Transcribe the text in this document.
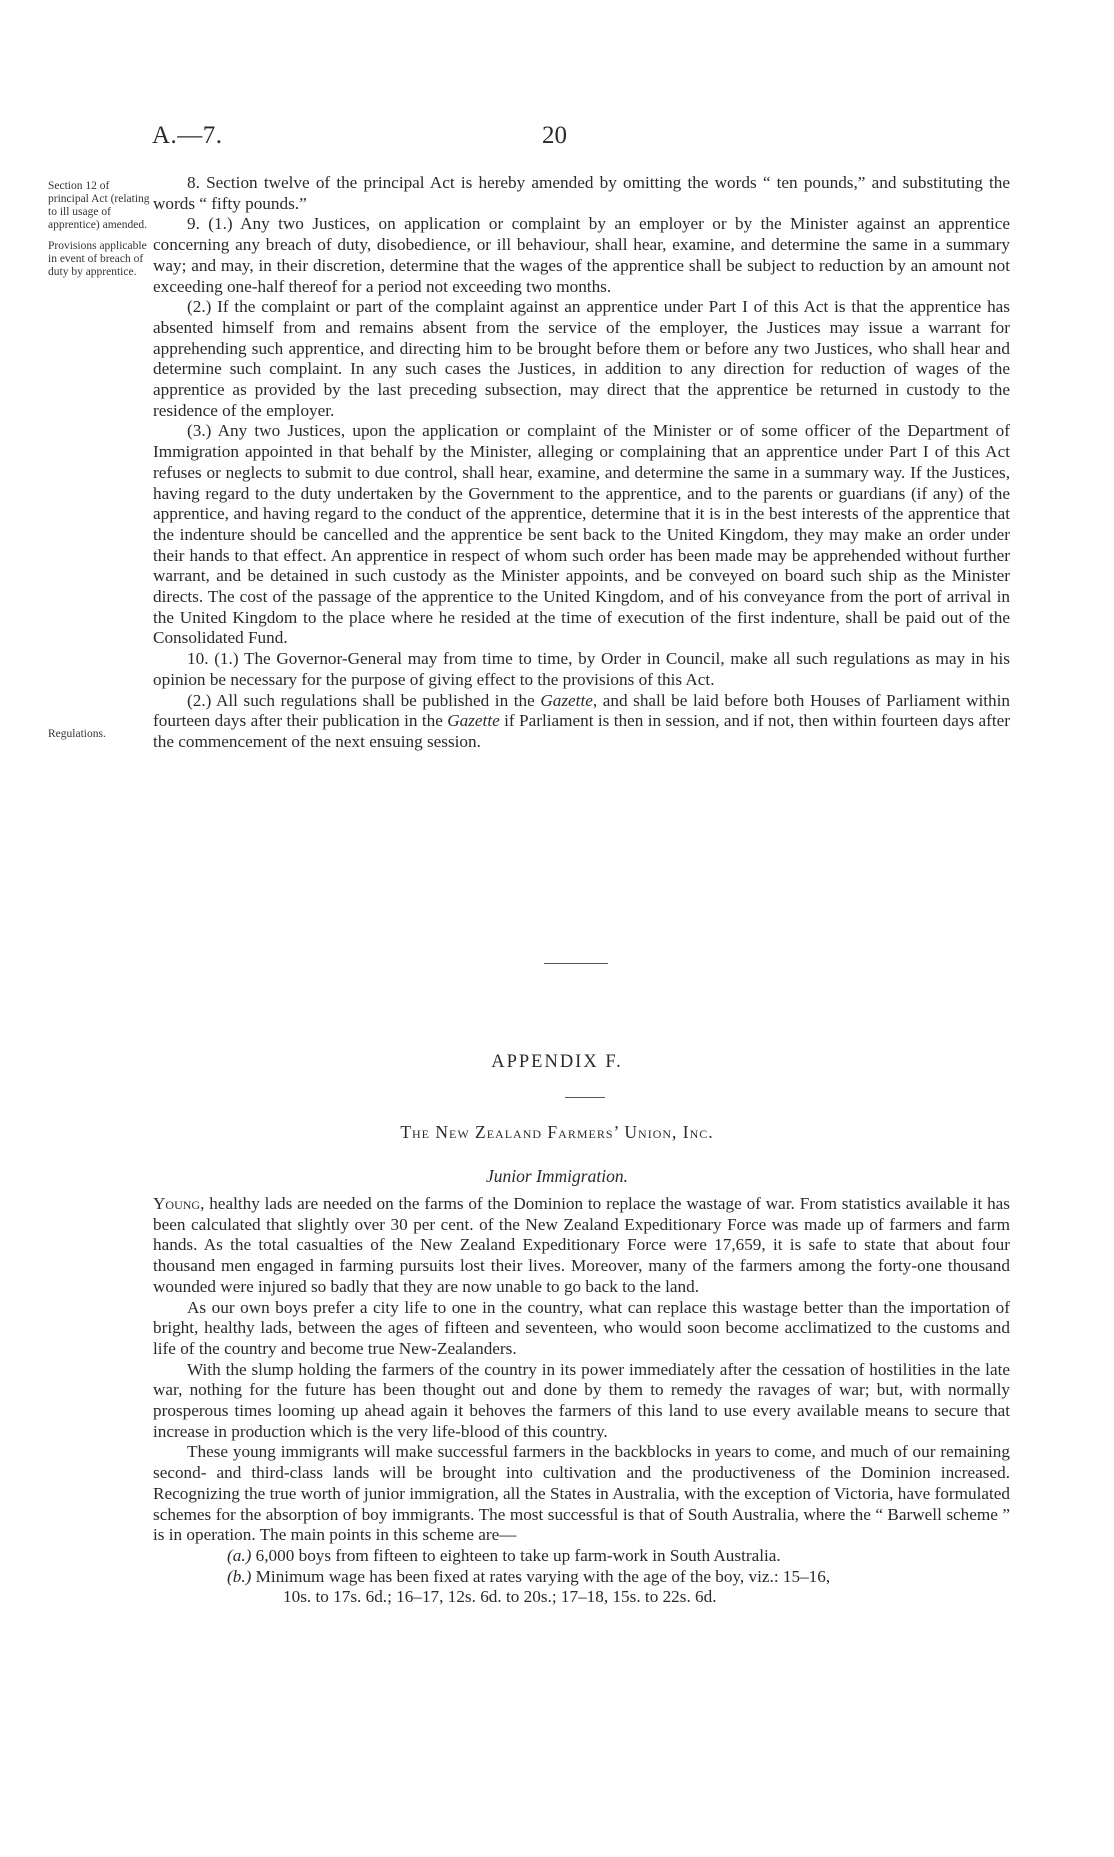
A.—7.	20
Section 12 of principal Act (relating to ill usage of apprentice) amended.
Provisions applicable in event of breach of duty by apprentice.
Regulations.

8. Section twelve of the principal Act is hereby amended by omitting the words “ ten pounds,” and substituting the words “ fifty pounds.”

9. (1.) Any two Justices, on application or complaint by an employer or by the Minister against an apprentice concerning any breach of duty, disobedience, or ill behaviour, shall hear, examine, and determine the same in a summary way; and may, in their discretion, determine that the wages of the apprentice shall be subject to reduction by an amount not exceeding one-half thereof for a period not exceeding two months.

(2.) If the complaint or part of the complaint against an apprentice under Part I of this Act is that the apprentice has absented himself from and remains absent from the service of the employer, the Justices may issue a warrant for apprehending such apprentice, and directing him to be brought before them or before any two Justices, who shall hear and determine such complaint. In any such cases the Justices, in addition to any direction for reduction of wages of the apprentice as provided by the last preceding subsection, may direct that the apprentice be returned in custody to the residence of the employer.

(3.) Any two Justices, upon the application or complaint of the Minister or of some officer of the Department of Immigration appointed in that behalf by the Minister, alleging or complaining that an apprentice under Part I of this Act refuses or neglects to submit to due control, shall hear, examine, and determine the same in a summary way. If the Justices, having regard to the duty undertaken by the Government to the apprentice, and to the parents or guardians (if any) of the apprentice, and having regard to the conduct of the apprentice, determine that it is in the best interests of the apprentice that the indenture should be cancelled and the apprentice be sent back to the United Kingdom, they may make an order under their hands to that effect. An apprentice in respect of whom such order has been made may be apprehended without further warrant, and be detained in such custody as the Minister appoints, and be conveyed on board such ship as the Minister directs. The cost of the passage of the apprentice to the United Kingdom, and of his conveyance from the port of arrival in the United Kingdom to the place where he resided at the time of execution of the first indenture, shall be paid out of the Consolidated Fund.

10. (1.) The Governor-General may from time to time, by Order in Council, make all such regulations as may in his opinion be necessary for the purpose of giving effect to the provisions of this Act.

(2.) All such regulations shall be published in the Gazette, and shall be laid before both Houses of Parliament within fourteen days after their publication in the Gazette if Parliament is then in session, and if not, then within fourteen days after the commencement of the next ensuing session.

APPENDIX F.
The New Zealand Farmers’ Union, Inc.
Junior Immigration.

Young, healthy lads are needed on the farms of the Dominion to replace the wastage of war. From statistics available it has been calculated that slightly over 30 per cent. of the New Zealand Expeditionary Force was made up of farmers and farm hands. As the total casualties of the New Zealand Expeditionary Force were 17,659, it is safe to state that about four thousand men engaged in farming pursuits lost their lives. Moreover, many of the farmers among the forty-one thousand wounded were injured so badly that they are now unable to go back to the land.

As our own boys prefer a city life to one in the country, what can replace this wastage better than the importation of bright, healthy lads, between the ages of fifteen and seventeen, who would soon become acclimatized to the customs and life of the country and become true New-Zealanders.

With the slump holding the farmers of the country in its power immediately after the cessation of hostilities in the late war, nothing for the future has been thought out and done by them to remedy the ravages of war; but, with normally prosperous times looming up ahead again it behoves the farmers of this land to use every available means to secure that increase in production which is the very life-blood of this country.

These young immigrants will make successful farmers in the backblocks in years to come, and much of our remaining second- and third-class lands will be brought into cultivation and the productiveness of the Dominion increased. Recognizing the true worth of junior immigration, all the States in Australia, with the exception of Victoria, have formulated schemes for the absorption of boy immigrants. The most successful is that of South Australia, where the “ Barwell scheme ” is in operation. The main points in this scheme are—

(a.) 6,000 boys from fifteen to eighteen to take up farm-work in South Australia.

(b.) Minimum wage has been fixed at rates varying with the age of the boy, viz.: 15–16,
10s. to 17s. 6d.; 16–17, 12s. 6d. to 20s.; 17–18, 15s. to 22s. 6d.
